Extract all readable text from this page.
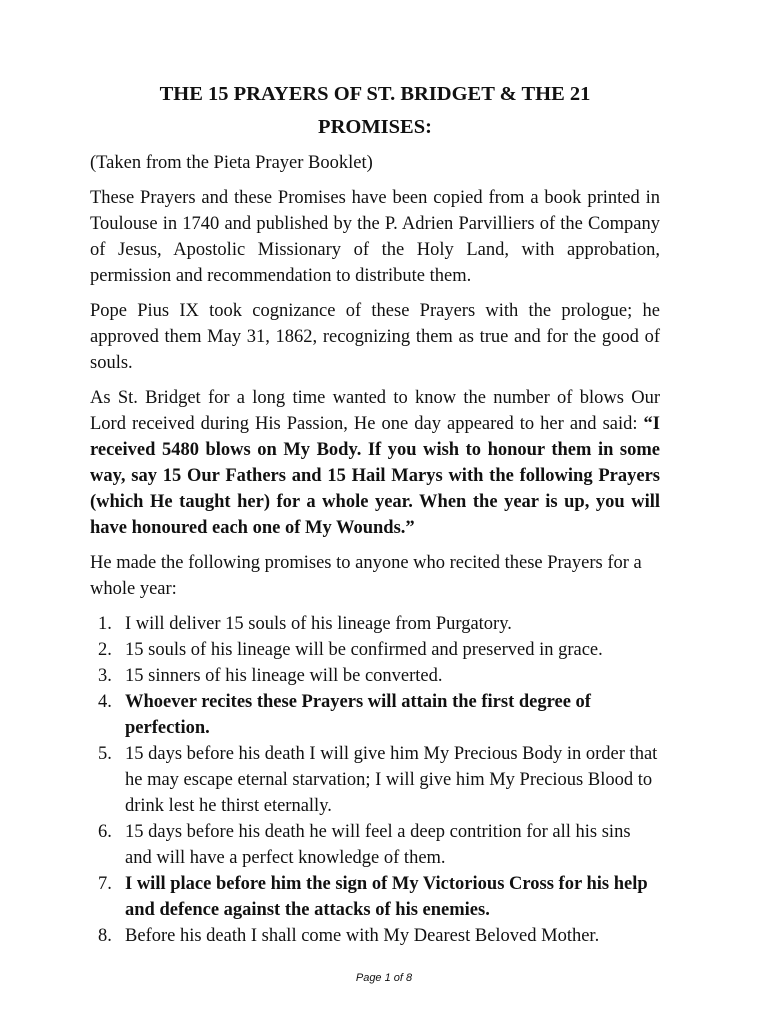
THE 15 PRAYERS OF ST. BRIDGET & THE 21 PROMISES:

(Taken from the Pieta Prayer Booklet)

These Prayers and these Promises have been copied from a book printed in Toulouse in 1740 and published by the P. Adrien Parvilliers of the Company of Jesus, Apostolic Missionary of the Holy Land, with approbation, permission and recommendation to distribute them.

Pope Pius IX took cognizance of these Prayers with the prologue; he approved them May 31, 1862, recognizing them as true and for the good of souls.

As St. Bridget for a long time wanted to know the number of blows Our Lord received during His Passion, He one day appeared to her and said: “I received 5480 blows on My Body. If you wish to honour them in some way, say 15 Our Fathers and 15 Hail Marys with the following Prayers (which He taught her) for a whole year. When the year is up, you will have honoured each one of My Wounds.”

He made the following promises to anyone who recited these Prayers for a whole year:

1. I will deliver 15 souls of his lineage from Purgatory.
2. 15 souls of his lineage will be confirmed and preserved in grace.
3. 15 sinners of his lineage will be converted.
4. Whoever recites these Prayers will attain the first degree of perfection.
5. 15 days before his death I will give him My Precious Body in order that he may escape eternal starvation; I will give him My Precious Blood to drink lest he thirst eternally.
6. 15 days before his death he will feel a deep contrition for all his sins and will have a perfect knowledge of them.
7. I will place before him the sign of My Victorious Cross for his help and defence against the attacks of his enemies.
8. Before his death I shall come with My Dearest Beloved Mother.
Page 1 of 8
